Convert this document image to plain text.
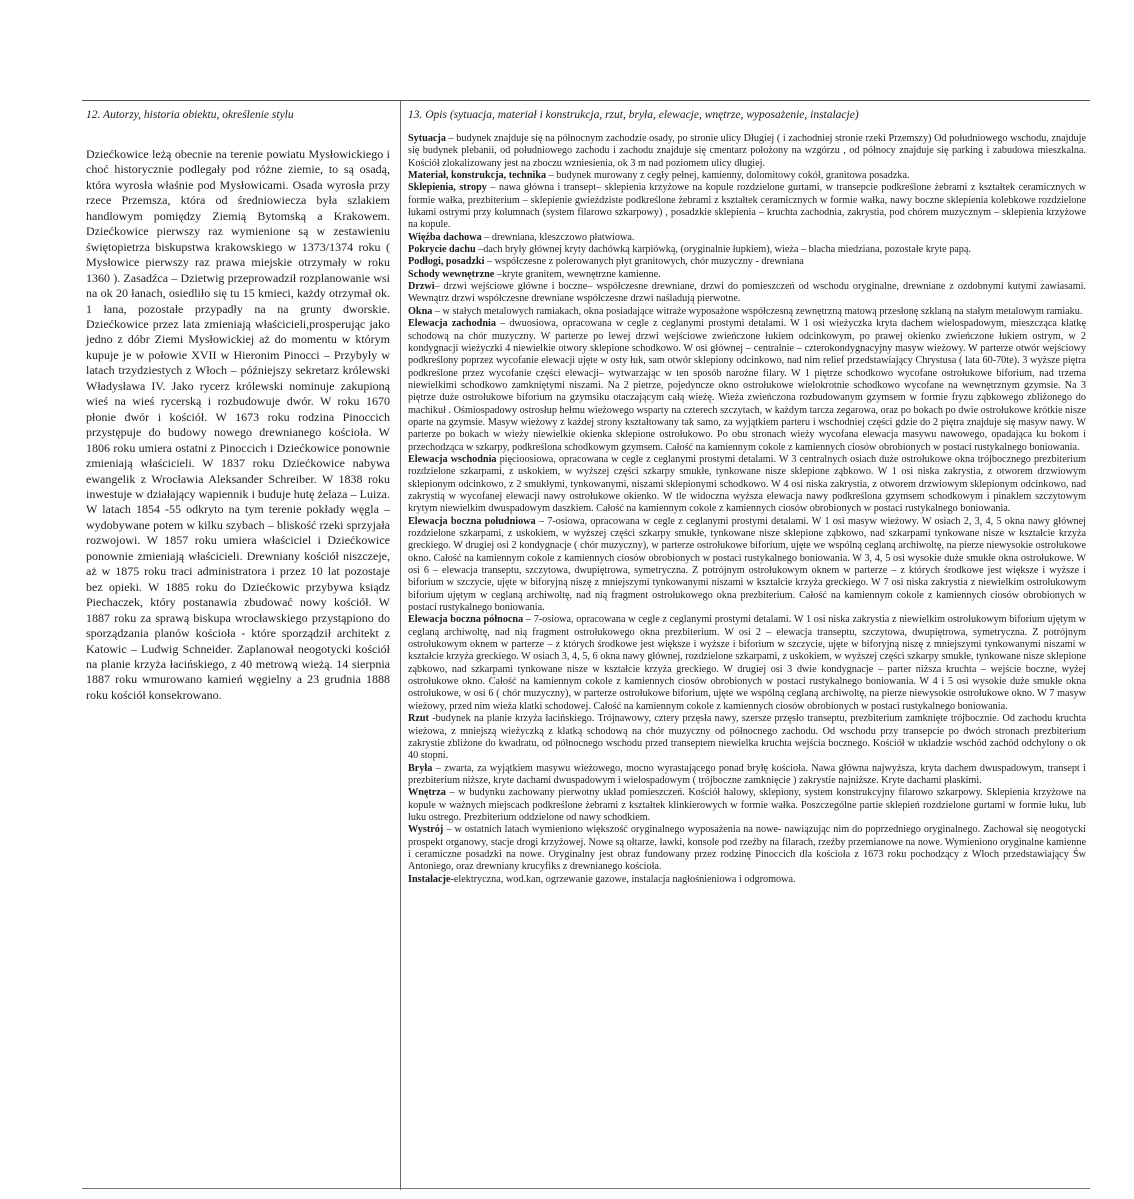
12. Autorzy, historia obiektu, określenie stylu

Dziećkowice leżą obecnie na terenie powiatu Mysłowickiego i choć historycznie podlegały pod różne ziemie, to są osadą, która wyrosła właśnie pod Mysłowicami. Osada wyrosła przy rzece Przemsza, która od średniowiecza była szlakiem handlowym pomiędzy Ziemią Bytomską a Krakowem. Dziećkowice pierwszy raz wymienione są w zestawieniu świętopietrza biskupstwa krakowskiego w 1373/1374 roku ( Mysłowice pierwszy raz prawa miejskie otrzymały w roku 1360 ). Zasadźca – Dzietwig przeprowadził rozplanowanie wsi na ok 20 łanach, osiedliło się tu 15 kmieci, każdy otrzymał ok. 1 łana, pozostałe przypadły na na grunty dworskie. Dziećkowice przez lata zmieniają właścicieli,prosperując jako jedno z dóbr Ziemi Mysłowickiej aż do momentu w którym kupuje je w połowie XVII w Hieronim Pinocci – Przybyły w latach trzydziestych z Włoch – późniejszy sekretarz królewski Władysława IV. Jako rycerz królewski nominuje zakupioną wieś na wieś rycerską i rozbudowuje dwór. W roku 1670 płonie dwór i kościół. W 1673 roku rodzina Pinoccich przystępuje do budowy nowego drewnianego kościoła. W 1806 roku umiera ostatni z Pinoccich i Dziećkowice ponownie zmieniają właścicieli. W 1837 roku Dziećkowice nabywa ewangelik z Wrocławia Aleksander Schreiber. W 1838 roku inwestuje w działający wapiennik i buduje hutę żelaza – Luiza. W latach 1854 -55 odkryto na tym terenie pokłady węgla – wydobywane potem w kilku szybach – bliskość rzeki sprzyjała rozwojowi. W 1857 roku umiera właściciel i Dziećkowice ponownie zmieniają właścicieli. Drewniany kościół niszczeje, aż w 1875 roku traci administratora i przez 10 lat pozostaje bez opieki. W 1885 roku do Dziećkowic przybywa ksiądz Piechaczek, który postanawia zbudować nowy kościół. W 1887 roku za sprawą biskupa wrocławskiego przystąpiono do sporządzania planów kościoła - które sporządził architekt z Katowic – Ludwig Schneider. Zaplanował neogotycki kościół na planie krzyża łacińskiego, z 40 metrową wieżą. 14 sierpnia 1887 roku wmurowano kamień węgielny a 23 grudnia 1888 roku kościół konsekrowano.

13. Opis (sytuacja, materiał i konstrukcja, rzut, bryła, elewacje, wnętrze, wyposażenie, instalacje)

Sytuacja – budynek znajduje się na północnym zachodzie osady, po stronie ulicy Długiej ( i zachodniej stronie rzeki Przemszy) Od południowego wschodu, znajduje się budynek plebanii, od południowego zachodu i zachodu znajduje się cmentarz położony na wzgórzu , od północy znajduje się parking i zabudowa mieszkalna. Kościół zlokalizowany jest na zboczu wzniesienia, ok 3 m nad poziomem ulicy długiej.

Materiał, konstrukcja, technika – budynek murowany z cegły pełnej, kamienny, dolomitowy cokół, granitowa posadzka.

Sklepienia, stropy – nawa główna i transept– sklepienia krzyżowe na kopule rozdzielone gurtami, w transepcie podkreślone żebrami z kształtek ceramicznych w formie wałka, prezbiterium – sklepienie gwieździste podkreślone żebrami z kształtek ceramicznych w formie wałka, nawy boczne sklepienia kolebkowe rozdzielone łukami ostrymi przy kolumnach (system filarowo szkarpowy) , posadzkie sklepienia – kruchta zachodnia, zakrystia, pod chórem muzycznym – sklepienia krzyżowe na kopule.

Więźba dachowa – drewniana, kleszczowo płatwiowa.

Pokrycie dachu –dach bryły głównej kryty dachówką karpiówką, (oryginalnie łupkiem), wieża – blacha miedziana, pozostałe kryte papą.

Podłogi, posadzki – współczesne z polerowanych płyt granitowych, chór muzyczny - drewniana

Schody wewnętrzne –kryte granitem, wewnętrzne kamienne.

Drzwi– drzwi wejściowe główne i boczne– współczesne drewniane, drzwi do pomieszczeń od wschodu oryginalne, drewniane z ozdobnymi kutymi zawiasami. Wewnątrz drzwi współczesne drewniane współczesne drzwi naśladują pierwotne.

Okna – w stałych metalowych ramiakach, okna posiadające witraże wyposażone współczesną zewnętrzną matową przesłonę szklaną na stałym metalowym ramiaku.

Elewacja zachodnia – dwuosiowa, opracowana w cegle z ceglanymi prostymi detalami. W 1 osi wieżyczka kryta dachem wielospadowym, mieszcząca klatkę schodową na chór muzyczny. W parterze po lewej drzwi wejściowe zwieńczone łukiem odcinkowym, po prawej okienko zwieńczone łukiem ostrym, w 2 kondygnacji wieżyczki 4 niewielkie otwory sklepione schodkowo. W osi głównej – centralnie – czterokondygnacyjny masyw wieżowy. W parterze otwór wejściowy podkreślony poprzez wycofanie elewacji ujęte w osty łuk, sam otwór sklepiony odcinkowo, nad nim relief przedstawiający Chrystusa ( lata 60-70te). 3 wyższe piętra podkreślone przez wycofanie części elewacji– wytwarzając w ten sposób narożne filary. W 1 piętrze schodkowo wycofane ostrołukowe biforium, nad trzema niewielkimi schodkowo zamkniętymi niszami. Na 2 pietrze, pojedyncze okno ostrołukowe wielokrotnie schodkowo wycofane na wewnętrznym gzymsie. Na 3 piętrze duże ostrołukowe biforium na gzymsiku otaczającym całą wieżę. Wieża zwieńczona rozbudowanym gzymsem w formie fryzu ząbkowego zbliżonego do machikuł . Ośmiospadowy ostrosłup hełmu wieżowego wsparty na czterech szczytach, w każdym tarcza zegarowa, oraz po bokach po dwie ostrołukowe krótkie nisze oparte na gzymsie. Masyw wieżowy z każdej strony kształtowany tak samo, za wyjątkiem parteru i wschodniej części gdzie do 2 piętra znajduje się masyw nawy. W parterze po bokach w wieży niewielkie okienka sklepione ostrołukowo. Po obu stronach wieży wycofana elewacja masywu nawowego, opadająca ku bokom i przechodząca w szkarpy, podkreślona schodkowym gzymsem. Całość na kamiennym cokole z kamiennych ciosów obrobionych w postaci rustykalnego boniowania.

Elewacja wschodnia pięcioosiowa, opracowana w cegle z ceglanymi prostymi detalami. W 3 centralnych osiach duże ostrołukowe okna trójbocznego prezbiterium rozdzielone szkarpami, z uskokiem, w wyższej części szkarpy smukłe, tynkowane nisze sklepione ząbkowo. W 1 osi niska zakrystia, z otworem drzwiowym sklepionym odcinkowo, z 2 smukłymi, tynkowanymi, niszami sklepionymi schodkowo. W 4 osi niska zakrystia, z otworem drzwiowym sklepionym odcinkowo, nad zakrystią w wycofanej elewacji nawy ostrołukowe okienko. W tle widoczna wyższa elewacja nawy podkreślona gzymsem schodkowym i pinaklem szczytowym krytym niewielkim dwuspadowym daszkiem. Całość na kamiennym cokole z kamiennych ciosów obrobionych w postaci rustykalnego boniowania.

Elewacja boczna południowa – 7-osiowa, opracowana w cegle z ceglanymi prostymi detalami. W 1 osi masyw wieżowy. W osiach 2, 3, 4, 5 okna nawy głównej rozdzielone szkarpami, z uskokiem, w wyższej części szkarpy smukłe, tynkowane nisze sklepione ząbkowo, nad szkarpami tynkowane nisze w kształcie krzyża greckiego. W drugiej osi 2 kondygnacje ( chór muzyczny), w parterze ostrołukowe biforium, ujęte we wspólną ceglaną archiwoltę, na pierze niewysokie ostrołukowe okno. Całość na kamiennym cokole z kamiennych ciosów obrobionych w postaci rustykalnego boniowania. W 3, 4, 5 osi wysokie duże smukłe okna ostrołukowe. W osi 6 – elewacja transeptu, szczytowa, dwupiętrowa, symetryczna. Z potrójnym ostrołukowym oknem w parterze – z których środkowe jest większe i wyższe i biforium w szczycie, ujęte w biforyjną niszę z mniejszymi tynkowanymi niszami w kształcie krzyża greckiego. W 7 osi niska zakrystia z niewielkim ostrołukowym biforium ujętym w ceglaną archiwoltę, nad nią fragment ostrołukowego okna prezbiterium. Całość na kamiennym cokole z kamiennych ciosów obrobionych w postaci rustykalnego boniowania.

Elewacja boczna północna – 7-osiowa, opracowana w cegle z ceglanymi prostymi detalami. W 1 osi niska zakrystia z niewielkim ostrołukowym biforium ujętym w ceglaną archiwoltę, nad nią fragment ostrołukowego okna prezbiterium. W osi 2 – elewacja transeptu, szczytowa, dwupiętrowa, symetryczna. Z potrójnym ostrołukowym oknem w parterze – z których środkowe jest większe i wyższe i biforium w szczycie, ujęte w biforyjną niszę z mniejszymi tynkowanymi niszami w kształcie krzyża greckiego. W osiach 3, 4, 5, 6 okna nawy głównej, rozdzielone szkarpami, z uskokiem, w wyższej części szkarpy smukłe, tynkowane nisze sklepione ząbkowo, nad szkarpami tynkowane nisze w kształcie krzyża greckiego. W drugiej osi 3 dwie kondygnacje – parter niższa kruchta – wejście boczne, wyżej ostrołukowe okno. Całość na kamiennym cokole z kamiennych ciosów obrobionych w postaci rustykalnego boniowania. W 4 i 5 osi wysokie duże smukłe okna ostrołukowe, w osi 6 ( chór muzyczny), w parterze ostrołukowe biforium, ujęte we wspólną ceglaną archiwoltę, na pierze niewysokie ostrołukowe okno. W 7 masyw wieżowy, przed nim wieża klatki schodowej. Całość na kamiennym cokole z kamiennych ciosów obrobionych w postaci rustykalnego boniowania.

Rzut -budynek na planie krzyża łacińskiego. Trójnawowy, cztery przęsła nawy, szersze przęsło transeptu, prezbiterium zamknięte trójbocznie. Od zachodu kruchta wieżowa, z mniejszą wieżyczką z klatką schodową na chór muzyczny od północnego zachodu. Od wschodu przy transepcie po dwóch stronach prezbiterium zakrystie zbliżone do kwadratu, od północnego wschodu przed transeptem niewielka kruchta wejścia bocznego. Kościół w układzie wschód zachód odchylony o ok 40 stopni.

Bryła – zwarta, za wyjątkiem masywu wieżowego, mocno wyrastającego ponad bryłę kościoła. Nawa główna najwyższa, kryta dachem dwuspadowym, transept i prezbiterium niższe, kryte dachami dwuspadowym i wielospadowym ( trójboczne zamknięcie ) zakrystie najniższe. Kryte dachami płaskimi.

Wnętrza – w budynku zachowany pierwotny układ pomieszczeń. Kościół halowy, sklepiony, system konstrukcyjny filarowo szkarpowy. Sklepienia krzyżowe na kopule w ważnych miejscach podkreślone żebrami z kształtek klinkierowych w formie wałka. Poszczególne partie sklepień rozdzielone gurtami w formie łuku, lub łuku ostrego. Prezbiterium oddzielone od nawy schodkiem.

Wystrój – w ostatnich latach wymieniono większość oryginalnego wyposażenia na nowe- nawiązując nim do poprzedniego oryginalnego. Zachował się neogotycki prospekt organowy, stacje drogi krzyżowej. Nowe są ołtarze, ławki, konsole pod rzeźby na filarach, rzeźby przemianowe na nowe. Wymieniono oryginalne kamienne i ceramiczne posadzki na nowe. Oryginalny jest obraz fundowany przez rodzinę Pinoccich dla kościoła z 1673 roku pochodzący z Włoch przedstawiający Św Antoniego, oraz drewniany krucyfiks z drewnianego kościoła.

Instalacje-elektryczna, wod.kan, ogrzewanie gazowe, instalacja nagłośnieniowa i odgromowa.
